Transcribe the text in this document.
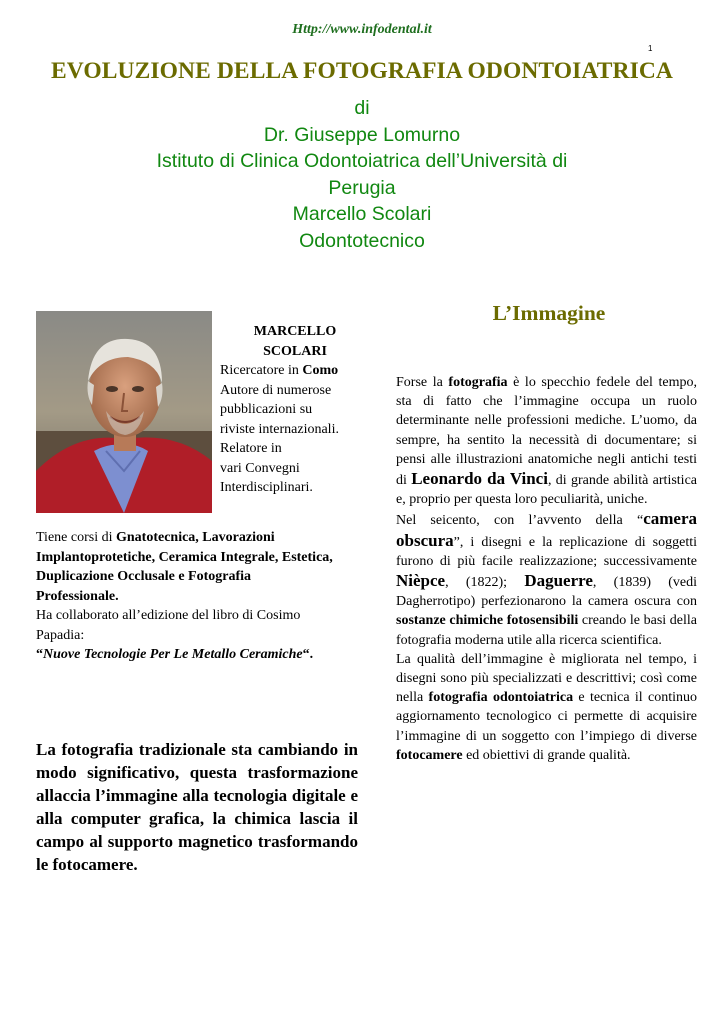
Http://www.infodental.it
1
EVOLUZIONE DELLA FOTOGRAFIA ODONTOIATRICA
di
Dr. Giuseppe Lomurno
Istituto di Clinica Odontoiatrica dell’Università di
Perugia
Marcello Scolari
Odontotecnico
MARCELLO
SCOLARI
Ricercatore in Como
Autore di numerose
pubblicazioni su
riviste internazionali.
Relatore in
vari Convegni
Interdisciplinari.
Tiene corsi di Gnatotecnica, Lavorazioni Implantoprotetiche, Ceramica Integrale, Estetica, Duplicazione Occlusale e Fotografia Professionale.
Ha collaborato all’edizione del libro di Cosimo Papadia:
“Nuove Tecnologie Per Le Metallo Ceramiche“.
La fotografia tradizionale sta cambiando in modo significativo, questa trasformazione allaccia l’immagine alla tecnologia digitale e alla computer grafica, la chimica lascia il campo al supporto magnetico trasformando le fotocamere.
L’Immagine

Forse la fotografia è lo specchio fedele del tempo, sta di fatto che l’immagine occupa un ruolo determinante nelle professioni mediche. L’uomo, da sempre, ha sentito la necessità di documentare; si pensi alle illustrazioni anatomiche negli antichi testi di Leonardo da Vinci, di grande abilità artistica e, proprio per questa loro peculiarità, uniche.

Nel seicento, con l’avvento della “camera obscura”, i disegni e la replicazione di soggetti furono di più facile realizzazione; successivamente Nièpce, (1822); Daguerre, (1839) (vedi Dagherrotipo) perfezionarono la camera oscura con sostanze chimiche fotosensibili creando le basi della fotografia moderna utile alla ricerca scientifica.

La qualità dell’immagine è migliorata nel tempo, i disegni sono più specializzati e descrittivi; così come nella fotografia odontoiatrica e tecnica il continuo aggiornamento tecnologico ci permette di acquisire l’immagine di un soggetto con l’impiego di diverse fotocamere ed obiettivi di grande qualità.
